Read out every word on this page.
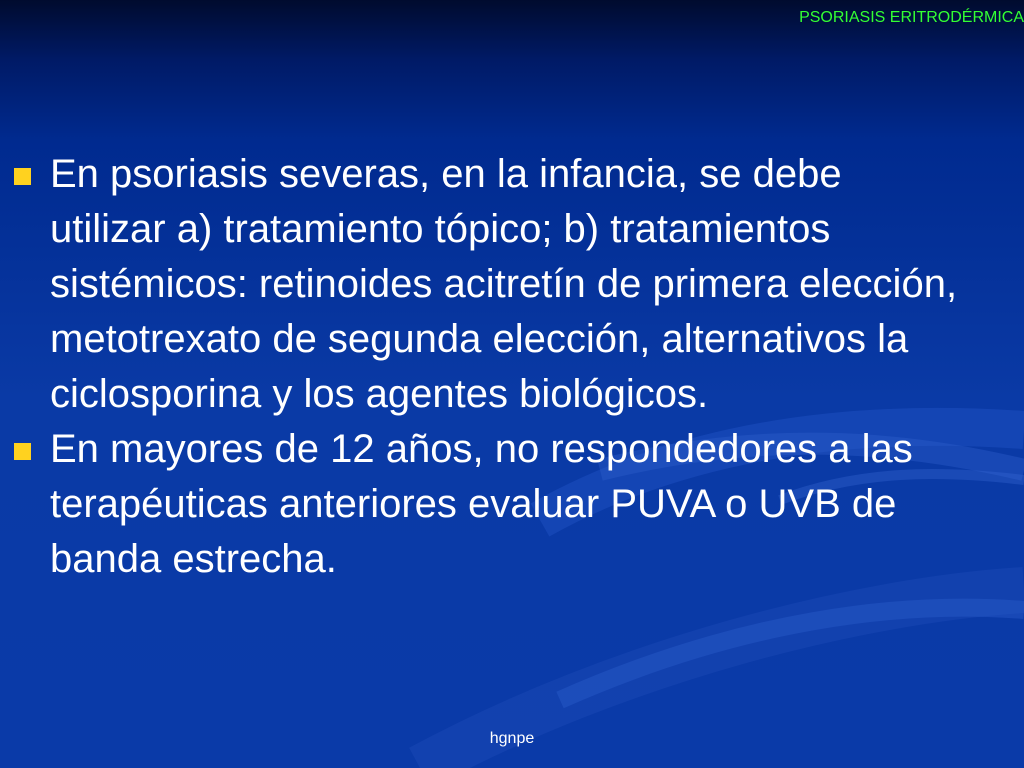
PSORIASIS ERITRODÉRMICA
En psoriasis severas, en la infancia, se debe utilizar a) tratamiento tópico; b) tratamientos sistémicos: retinoides acitretín de primera elección, metotrexato de segunda elección, alternativos la ciclosporina y los agentes biológicos.
En mayores de 12 años, no respondedores a las terapéuticas anteriores evaluar PUVA o UVB de banda estrecha.
hgnpe
